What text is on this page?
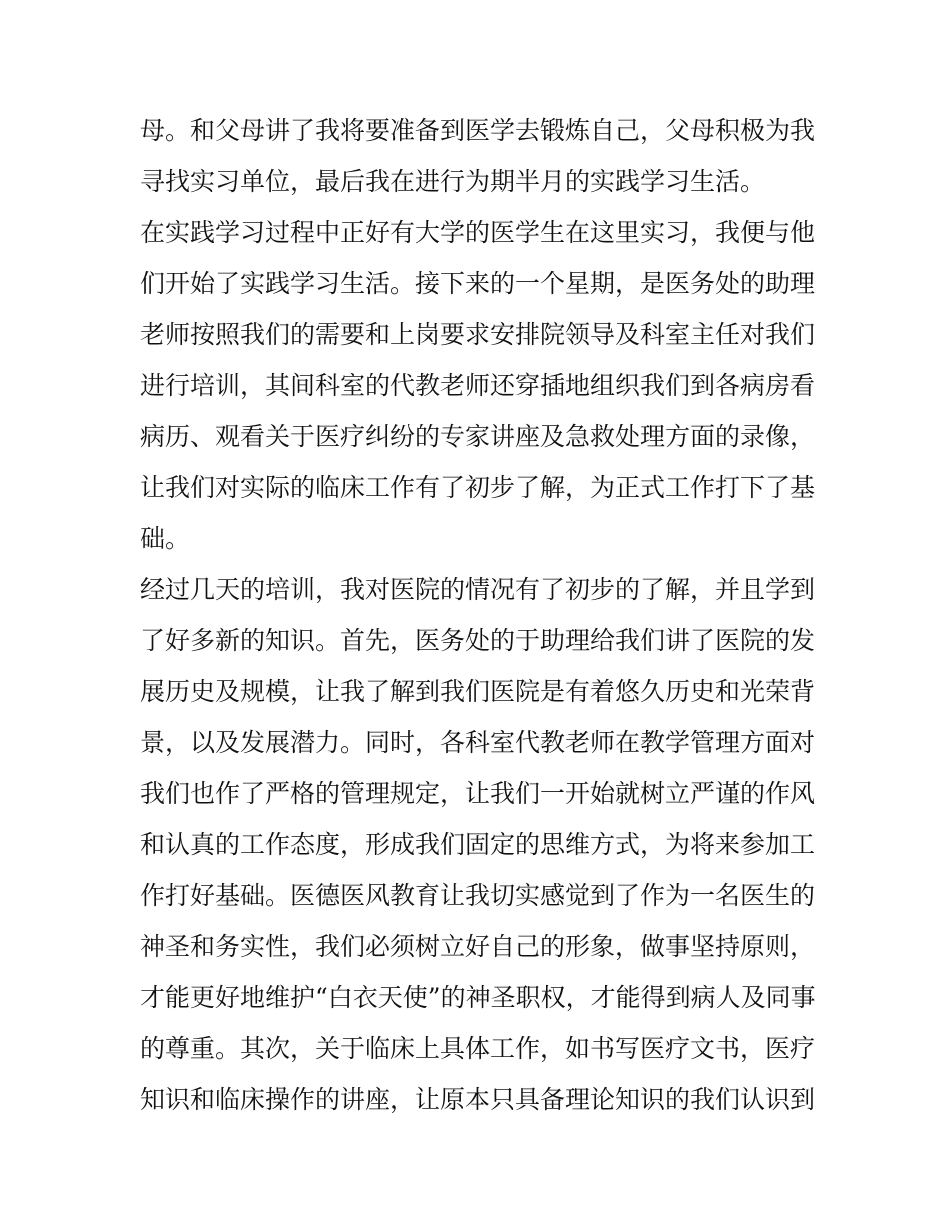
母。和父母讲了我将要准备到医学去锻炼自己，父母积极为我
寻找实习单位，最后我在进行为期半月的实践学习生活。
在实践学习过程中正好有大学的医学生在这里实习，我便与他
们开始了实践学习生活。接下来的一个星期，是医务处的助理
老师按照我们的需要和上岗要求安排院领导及科室主任对我们
进行培训，其间科室的代教老师还穿插地组织我们到各病房看
病历、观看关于医疗纠纷的专家讲座及急救处理方面的录像，
让我们对实际的临床工作有了初步了解，为正式工作打下了基
础。
经过几天的培训，我对医院的情况有了初步的了解，并且学到
了好多新的知识。首先，医务处的于助理给我们讲了医院的发
展历史及规模，让我了解到我们医院是有着悠久历史和光荣背
景，以及发展潜力。同时，各科室代教老师在教学管理方面对
我们也作了严格的管理规定，让我们一开始就树立严谨的作风
和认真的工作态度，形成我们固定的思维方式，为将来参加工
作打好基础。医德医风教育让我切实感觉到了作为一名医生的
神圣和务实性，我们必须树立好自己的形象，做事坚持原则，
才能更好地维护“白衣天使”的神圣职权，才能得到病人及同事
的尊重。其次，关于临床上具体工作，如书写医疗文书，医疗
知识和临床操作的讲座，让原本只具备理论知识的我们认识到
